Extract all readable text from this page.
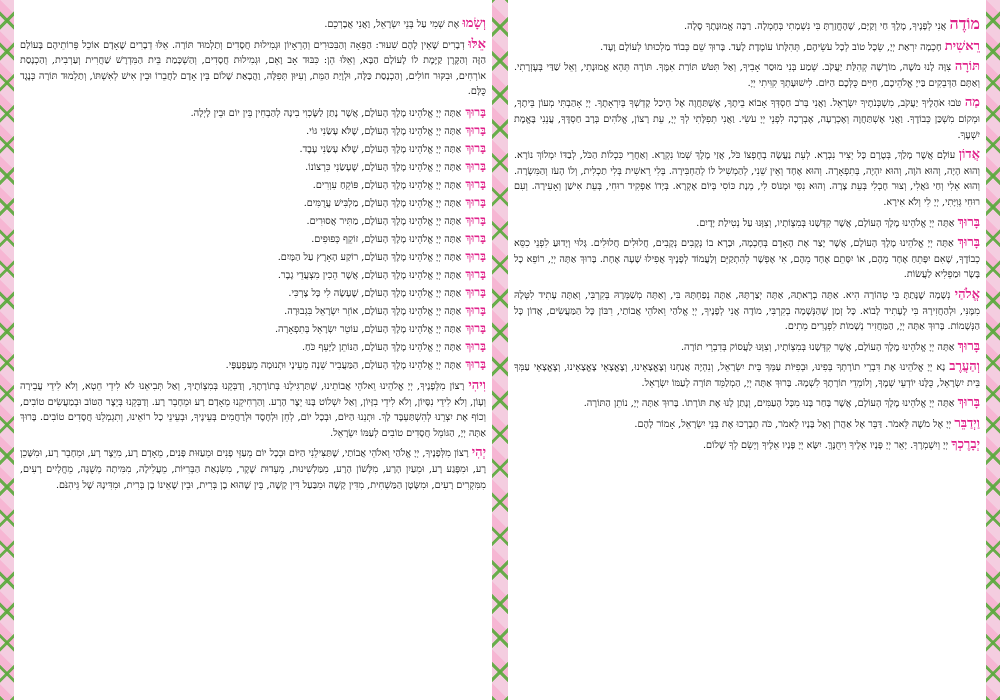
מוֹדֶה אֲנִי לְפָנֶיךָ, מֶלֶךְ חַי וְקַיָּם, שֶׁהֶחֱזַרְתָּ בִּי נִשְׁמָתִי בְּחֶמְלָה. רַבָּה אֱמוּנָתֶךָ סֶלָה.

רֵאשִׁית חָכְמָה יִרְאַת יְיָ, שֵׂכֶל טוֹב לְכָל עֹשֵׂיהֶם, תְּהִלָּתוֹ עוֹמֶדֶת לָעַד. בָּרוּךְ שֵׁם כְּבוֹד מַלְכוּתוֹ לְעוֹלָם וָעֶד.

תּוֹרָה צִוָּה לָנוּ מֹשֶׁה, מוֹרָשָׁה קְהִלַּת יַעֲקֹב. שְׁמַע בְּנִי מוּסַר אָבִיךָ, וְאַל תִּטֹּשׁ תּוֹרַת אִמֶּךָ. תּוֹרָה תְּהֵא אֱמוּנָתִי, וְאֵל שַׁדַּי בְּעֶזְרָתִי. וְאַתֶּם הַדְּבֵקִים בַּייָ אֱלֹהֵיכֶם, חַיִּים כֻּלְּכֶם הַיּוֹם. לִישׁוּעָתְךָ קִוִּיתִי יְיָ.

מַה טֹּבוּ אֹהָלֶיךָ יַעֲקֹב, מִשְׁכְּנֹתֶיךָ יִשְׂרָאֵל. וַאֲנִי בְּרֹב חַסְדְּךָ אָבוֹא בֵיתֶךָ, אֶשְׁתַּחֲוֶה אֶל הֵיכַל קָדְשְׁךָ בְּיִרְאָתֶךָ. יְיָ אָהַבְתִּי מְעוֹן בֵּיתֶךָ, וּמְקוֹם מִשְׁכַּן כְּבוֹדֶךָ. וַאֲנִי אֶשְׁתַּחֲוֶה וְאֶכְרָעָה, אֶבְרְכָה לִפְנֵי יְיָ עֹשִׂי. וַאֲנִי תְפִלָּתִי לְךָ יְיָ, עֵת רָצוֹן, אֱלֹהִים בְּרָב חַסְדֶּךָ, עֲנֵנִי בֶּאֱמֶת יִשְׁעֶךָ.

אֲדוֹן עוֹלָם אֲשֶׁר מָלַךְ, בְּטֶרֶם כָּל יְצִיר נִבְרָא. לְעֵת נַעֲשָׂה בְחֶפְצוֹ כֹּל, אֲזַי מֶלֶךְ שְׁמוֹ נִקְרָא. וְאַחֲרֵי כִּכְלוֹת הַכֹּל, לְבַדּוֹ יִמְלוֹךְ נוֹרָא. וְהוּא הָיָה, וְהוּא הֹוֶה, וְהוּא יִהְיֶה, בְּתִפְאָרָה. וְהוּא אֶחָד וְאֵין שֵׁנִי, לְהַמְשִׁיל לוֹ לְהַחְבִּירָה. בְּלִי רֵאשִׁית בְּלִי תַכְלִית, וְלוֹ הָעֹז וְהַמִּשְׂרָה. וְהוּא אֵלִי וְחַי גֹּאֲלִי, וְצוּר חֶבְלִי בְּעֵת צָרָה. וְהוּא נִסִּי וּמָנוֹס לִי, מְנָת כּוֹסִי בְּיוֹם אֶקְרָא. בְּיָדוֹ אַפְקִיד רוּחִי, בְּעֵת אִישַׁן וְאָעִירָה. וְעִם רוּחִי גְּוִיָּתִי, יְיָ לִי וְלֹא אִירָא.

בָּרוּךְ אַתָּה יְיָ אֱלֹהֵינוּ מֶלֶךְ הָעוֹלָם, אֲשֶׁר קִדְּשָׁנוּ בְּמִצְוֹתָיו, וְצִוָּנוּ עַל נְטִילַת יָדָיִם.

בָּרוּךְ אַתָּה יְיָ אֱלֹהֵינוּ מֶלֶךְ הָעוֹלָם, אֲשֶׁר יָצַר אֶת הָאָדָם בְּחָכְמָה, וּבָרָא בוֹ נְקָבִים נְקָבִים, חֲלוּלִים חֲלוּלִים. גָּלוּי וְיָדוּעַ לִפְנֵי כִסֵּא כְבוֹדֶךָ, שֶׁאִם יִפָּתֵחַ אֶחָד מֵהֶם, אוֹ יִסָּתֵם אֶחָד מֵהֶם, אִי אֶפְשָׁר לְהִתְקַיֵּם וְלַעֲמוֹד לְפָנֶיךָ אֲפִילוּ שָׁעָה אֶחָת. בָּרוּךְ אַתָּה יְיָ, רוֹפֵא כָל בָּשָׂר וּמַפְלִיא לַעֲשׂוֹת.

אֱלֹהַי נְשָׁמָה שֶׁנָּתַתָּ בִּי טְהוֹרָה הִיא. אַתָּה בְרָאתָהּ, אַתָּה יְצַרְתָּהּ, אַתָּה נְפַחְתָּהּ בִּי, וְאַתָּה מְשַׁמְּרָהּ בְּקִרְבִּי, וְאַתָּה עָתִיד לִטְּלָהּ מִמֶּנִּי, וּלְהַחֲזִירָהּ בִּי לֶעָתִיד לָבוֹא. כָּל זְמַן שֶׁהַנְּשָׁמָה בְקִרְבִּי, מוֹדֶה אֲנִי לְפָנֶיךָ, יְיָ אֱלֹהַי וֵאלֹהֵי אֲבוֹתַי, רִבּוֹן כָּל הַמַּעֲשִׂים, אֲדוֹן כָּל הַנְּשָׁמוֹת. בָּרוּךְ אַתָּה יְיָ, הַמַּחֲזִיר נְשָׁמוֹת לִפְגָרִים מֵתִים.

בָּרוּךְ אַתָּה יְיָ אֱלֹהֵינוּ מֶלֶךְ הָעוֹלָם, אֲשֶׁר קִדְּשָׁנוּ בְּמִצְוֹתָיו, וְצִוָּנוּ לַעֲסוֹק בְּדִבְרֵי תוֹרָה.

וְהַעֲרֶב נָא יְיָ אֱלֹהֵינוּ אֶת דִּבְרֵי תוֹרָתְךָ בְּפִינוּ, וּבְפִיּוֹת עַמְּךָ בֵּית יִשְׂרָאֵל, וְנִהְיֶה אֲנַחְנוּ וְצֶאֱצָאֵינוּ, וְצֶאֱצָאֵי צֶאֱצָאֵינוּ, וְצֶאֱצָאֵי עַמְּךָ בֵּית יִשְׂרָאֵל, כֻּלָּנוּ יוֹדְעֵי שְׁמֶךָ, וְלוֹמְדֵי תוֹרָתֶךָ לִשְׁמָהּ. בָּרוּךְ אַתָּה יְיָ, הַמְלַמֵּד תּוֹרָה לְעַמּוֹ יִשְׂרָאֵל.

בָּרוּךְ אַתָּה יְיָ אֱלֹהֵינוּ מֶלֶךְ הָעוֹלָם, אֲשֶׁר בָּחַר בָּנוּ מִכָּל הָעַמִּים, וְנָתַן לָנוּ אֶת תּוֹרָתוֹ. בָּרוּךְ אַתָּה יְיָ, נוֹתֵן הַתּוֹרָה.

וַיְדַבֵּר יְיָ אֶל מֹשֶׁה לֵּאמֹר. דַּבֵּר אֶל אַהֲרֹן וְאֶל בָּנָיו לֵאמֹר, כֹּה תְבָרְכוּ אֶת בְּנֵי יִשְׂרָאֵל, אָמוֹר לָהֶם.

יְבָרֶכְךָ יְיָ וְיִשְׁמְרֶךָ. יָאֵר יְיָ פָּנָיו אֵלֶיךָ וִיחֻנֶּךָּ. יִשָּׂא יְיָ פָּנָיו אֵלֶיךָ וְיָשֵׂם לְךָ שָׁלוֹם.

וְשָׂמוּ אֶת שְׁמִי עַל בְּנֵי יִשְׂרָאֵל, וַאֲנִי אֲבָרְכֵם.

אֵלּוּ דְבָרִים שֶׁאֵין לָהֶם שִׁעוּר: הַפֵּאָה וְהַבִּכּוּרִים וְהָרֵאָיוֹן וּגְמִילוּת חֲסָדִים וְתַלְמוּד תּוֹרָה. אֵלּוּ דְבָרִים שֶׁאָדָם אוֹכֵל פֵּרוֹתֵיהֶם בָּעוֹלָם הַזֶּה וְהַקֶּרֶן קַיֶּמֶת לוֹ לָעוֹלָם הַבָּא, וְאֵלּוּ הֵן: כִּבּוּד אָב וָאֵם, וּגְמִילוּת חֲסָדִים, וְהַשְׁכָּמַת בֵּית הַמִּדְרָשׁ שַׁחֲרִית וְעַרְבִית, וְהַכְנָסַת אוֹרְחִים, וּבִקּוּר חוֹלִים, וְהַכְנָסַת כַּלָּה, וּלְוָיַת הַמֵּת, וְעִיּוּן תְּפִלָּה, וַהֲבָאַת שָׁלוֹם בֵּין אָדָם לַחֲבֵרוֹ וּבֵין אִישׁ לְאִשְׁתּוֹ, וְתַלְמוּד תּוֹרָה כְּנֶגֶד כֻּלָּם.

בָּרוּךְאַתָּה יְיָ אֱלֹהֵינוּ מֶלֶךְ הָעוֹלָם, אֲשֶׁר נָתַן לַשֶּׂכְוִי בִינָה לְהַבְחִין בֵּין יוֹם וּבֵין לָיְלָה.
בָּרוּךְאַתָּה יְיָ אֱלֹהֵינוּ מֶלֶךְ הָעוֹלָם, שֶׁלֹּא עָשַׂנִי גּוֹי.
בָּרוּךְאַתָּה יְיָ אֱלֹהֵינוּ מֶלֶךְ הָעוֹלָם, שֶׁלֹּא עָשַׂנִי עָבֶד.
בָּרוּךְאַתָּה יְיָ אֱלֹהֵינוּ מֶלֶךְ הָעוֹלָם, שֶׁעָשַׂנִי כִּרְצוֹנוֹ.
בָּרוּךְאַתָּה יְיָ אֱלֹהֵינוּ מֶלֶךְ הָעוֹלָם, פּוֹקֵחַ עִוְרִים.
בָּרוּךְאַתָּה יְיָ אֱלֹהֵינוּ מֶלֶךְ הָעוֹלָם, מַלְבִּישׁ עֲרֻמִּים.
בָּרוּךְאַתָּה יְיָ אֱלֹהֵינוּ מֶלֶךְ הָעוֹלָם, מַתִּיר אֲסוּרִים.
בָּרוּךְאַתָּה יְיָ אֱלֹהֵינוּ מֶלֶךְ הָעוֹלָם, זוֹקֵף כְּפוּפִים.
בָּרוּךְאַתָּה יְיָ אֱלֹהֵינוּ מֶלֶךְ הָעוֹלָם, רוֹקַע הָאָרֶץ עַל הַמָּיִם.
בָּרוּךְאַתָּה יְיָ אֱלֹהֵינוּ מֶלֶךְ הָעוֹלָם, אֲשֶׁר הֵכִין מִצְעֲדֵי גָבֶר.
בָּרוּךְאַתָּה יְיָ אֱלֹהֵינוּ מֶלֶךְ הָעוֹלָם, שֶׁעָשָׂה לִי כָּל צָרְכִּי.
בָּרוּךְאַתָּה יְיָ אֱלֹהֵינוּ מֶלֶךְ הָעוֹלָם, אוֹזֵר יִשְׂרָאֵל בִּגְבוּרָה.
בָּרוּךְאַתָּה יְיָ אֱלֹהֵינוּ מֶלֶךְ הָעוֹלָם, עוֹטֵר יִשְׂרָאֵל בְּתִפְאָרָה.
בָּרוּךְאַתָּה יְיָ אֱלֹהֵינוּ מֶלֶךְ הָעוֹלָם, הַנּוֹתֵן לַיָּעֵף כֹּחַ.
בָּרוּךְאַתָּה יְיָ אֱלֹהֵינוּ מֶלֶךְ הָעוֹלָם, הַמַּעֲבִיר שֵׁנָה מֵעֵינָי וּתְנוּמָה מֵעַפְעַפָּי.

וִיהִי רָצוֹן מִלְּפָנֶיךָ, יְיָ אֱלֹהֵינוּ וֵאלֹהֵי אֲבוֹתֵינוּ, שֶׁתַּרְגִּילֵנוּ בְּתוֹרָתֶךָ, וְדַבְּקֵנוּ בְּמִצְוֹתֶיךָ, וְאַל תְּבִיאֵנוּ לֹא לִידֵי חֵטְא, וְלֹא לִידֵי עֲבֵירָה וְעָוֹן, וְלֹא לִידֵי נִסָּיוֹן, וְלֹא לִידֵי בִזָּיוֹן, וְאַל יִשְׁלוֹט בָּנוּ יֵצֶר הָרָע. וְהַרְחִיקֵנוּ מֵאָדָם רָע וּמֵחָבֵר רָע. וְדַבְּקֵנוּ בְּיֵצֶר הַטּוֹב וּבְמַעֲשִׂים טוֹבִים, וְכוֹף אֶת יִצְרֵנוּ לְהִשְׁתַּעְבֶּד לָךְ. וּתְנֵנוּ הַיּוֹם, וּבְכָל יוֹם, לְחֵן וּלְחֶסֶד וּלְרַחֲמִים בְּעֵינֶיךָ, וּבְעֵינֵי כָל רוֹאֵינוּ, וְתִגְמְלֵנוּ חֲסָדִים טוֹבִים. בָּרוּךְ אַתָּה יְיָ, הַגּוֹמֵל חֲסָדִים טוֹבִים לְעַמּוֹ יִשְׂרָאֵל.

יְהִי רָצוֹן מִלְּפָנֶיךָ, יְיָ אֱלֹהַי וֵאלֹהֵי אֲבוֹתַי, שֶׁתַּצִּילֵנִי הַיּוֹם וּבְכָל יוֹם מֵעַזֵּי פָנִים וּמֵעַזּוּת פָּנִים, מֵאָדָם רָע, מִיֵּצֶר רָע, וּמֵחָבֵר רָע, וּמִשָּׁכֵן רָע, וּמִפֶּגַע רָע, וּמֵעַיִן הָרָע, מִלָּשׁוֹן הָרָע, מִמַּלְשִׁינוּת, מֵעֵדוּת שֶׁקֶר, מִשִּׂנְאַת הַבְּרִיּוֹת, מֵעֲלִילָה, מִמִּיתָה מְשֻׁנָּה, מֵחֳלָיִים רָעִים, מִמִּקְרִים רָעִים, וּמִשָּׂטָן הַמַּשְׁחִית, מִדִּין קָשֶׁה וּמִבַּעַל דִּין קָשֶׁה, בֵּין שֶׁהוּא בֶן בְּרִית, וּבֵין שֶׁאֵינוֹ בֶן בְּרִית, וּמִדִּינָהּ שֶׁל גֵּיהִנֹּם.
